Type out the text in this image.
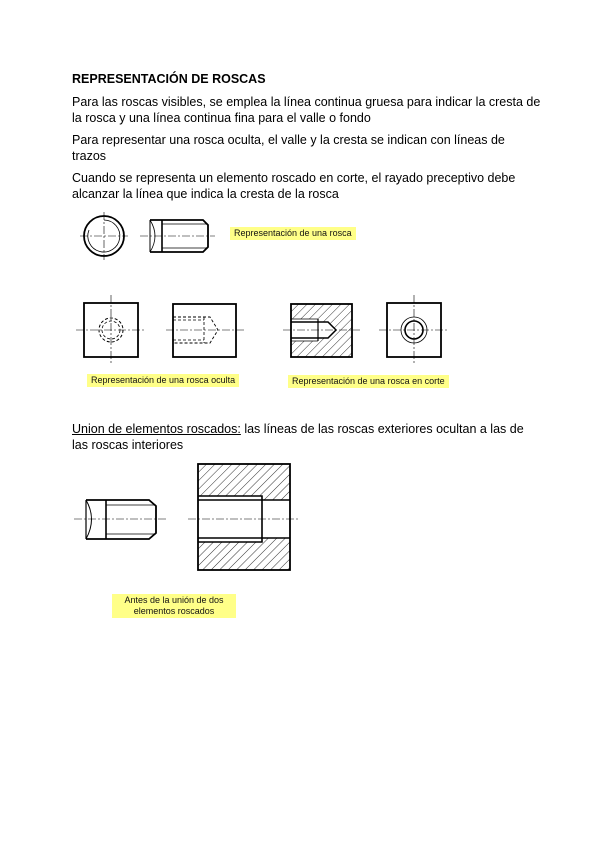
REPRESENTACIÓN DE ROSCAS
Para las roscas visibles, se emplea la línea continua gruesa para indicar la cresta de la rosca y una línea continua fina para el valle o fondo
Para representar una rosca oculta, el valle y la cresta se indican con líneas de trazos
Cuando se representa un elemento roscado en corte, el rayado preceptivo debe alcanzar la línea que indica la cresta de la rosca
Union de elementos roscados: las líneas de las roscas exteriores ocultan a las de las roscas interiores
Representación de una rosca
Representación de una rosca oculta	Representación de una rosca en corte
Antes de la unión de dos elementos roscados
